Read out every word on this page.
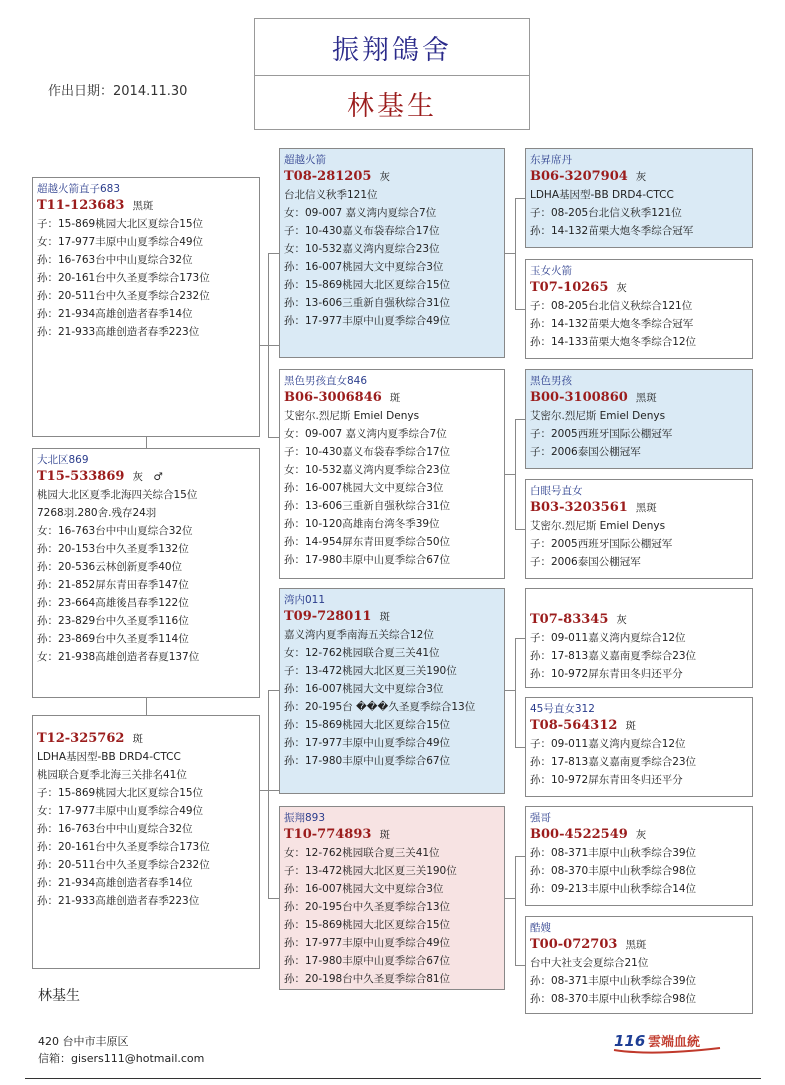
振翔鴿舍
林基生
作出日期：2014.11.30
超越火箭直子683
T11-123683 黑斑
子：15-869桃园大北区夏综合15位
女：17-977丰原中山夏季综合49位
孙：16-763台中中山夏综合32位
孙：20-161台中久圣夏季综合173位
孙：20-511台中久圣夏季综合232位
孙：21-934高雄创造者春季14位
孙：21-933高雄创造者春季223位
大北区869
T15-533869 灰　♂
桃园大北区夏季北海四关综合15位
7268羽.280舍.残存24羽
女：16-763台中中山夏综合32位
孙：20-153台中久圣夏季132位
孙：20-536云林创新夏季40位
孙：21-852屏东青田春季147位
孙：23-664高雄後昌春季122位
孙：23-829台中久圣夏季116位
孙：23-869台中久圣夏季114位
女：21-938高雄创造者春夏137位
T12-325762 斑
LDHA基因型-BB DRD4-CTCC
桃园联合夏季北海三关排名41位
子：15-869桃园大北区夏综合15位
女：17-977丰原中山夏季综合49位
孙：16-763台中中山夏综合32位
孙：20-161台中久圣夏季综合173位
孙：20-511台中久圣夏季综合232位
孙：21-934高雄创造者春季14位
孙：21-933高雄创造者春季223位
超越火箭
T08-281205 灰
台北信义秋季121位
女：09-007 嘉义湾内夏综合7位
子：10-430嘉义布袋春综合17位
女：10-532嘉义湾内夏综合23位
孙：16-007桃园大文中夏综合3位
孙：15-869桃园大北区夏综合15位
孙：13-606三重新自强秋综合31位
孙：17-977丰原中山夏季综合49位
黑色男孩直女846
B06-3006846 斑
艾密尔.烈尼斯 Emiel Denys
女：09-007 嘉义湾内夏季综合7位
子：10-430嘉义布袋春季综合17位
女：10-532嘉义湾内夏季综合23位
孙：16-007桃园大文中夏综合3位
孙：13-606三重新自强秋综合31位
孙：10-120高雄南台湾冬季39位
孙：14-954屏东青田夏季综合50位
孙：17-980丰原中山夏季综合67位
湾内011
T09-728011 斑
嘉义湾内夏季南海五关综合12位
女：12-762桃园联合夏三关41位
子：13-472桃园大北区夏三关190位
孙：16-007桃园大文中夏综合3位
孙：20-195台 ���久圣夏季综合13位
孙：15-869桃园大北区夏综合15位
孙：17-977丰原中山夏季综合49位
孙：17-980丰原中山夏季综合67位
振翔893
T10-774893 斑
女：12-762桃园联合夏三关41位
子：13-472桃园大北区夏三关190位
孙：16-007桃园大文中夏综合3位
孙：20-195台中久圣夏季综合13位
孙：15-869桃园大北区夏综合15位
孙：17-977丰原中山夏季综合49位
孙：17-980丰原中山夏季综合67位
孙：20-198台中久圣夏季综合81位
东昇席丹
B06-3207904 灰
LDHA基因型-BB DRD4-CTCC
子：08-205台北信义秋季121位
孙：14-132苗栗大炮冬季综合冠军
玉女火箭
T07-10265 灰
子：08-205台北信义秋综合121位
孙：14-132苗栗大炮冬季综合冠军
孙：14-133苗栗大炮冬季综合12位
黑色男孩
B00-3100860 黑斑
艾密尔.烈尼斯 Emiel Denys
子：2005西班牙国际公棚冠军
子：2006泰国公棚冠军
白眼号直女
B03-3203561 黑斑
艾密尔.烈尼斯 Emiel Denys
子：2005西班牙国际公棚冠军
子：2006泰国公棚冠军
T07-83345 灰
子：09-011嘉义湾内夏综合12位
孙：17-813嘉义嘉南夏季综合23位
孙：10-972屏东青田冬归还平分
45号直女312
T08-564312 斑
子：09-011嘉义湾内夏综合12位
孙：17-813嘉义嘉南夏季综合23位
孙：10-972屏东青田冬归还平分
强哥
B00-4522549 灰
孙：08-371丰原中山秋季综合39位
孙：08-370丰原中山秋季综合98位
孙：09-213丰原中山秋季综合14位
酷嫂
T00-072703 黑斑
台中大社支会夏综合21位
孙：08-371丰原中山秋季综合39位
孙：08-370丰原中山秋季综合98位
林基生
420 台中市丰原区
信箱：gisers111@hotmail.com
116 雲端血統
